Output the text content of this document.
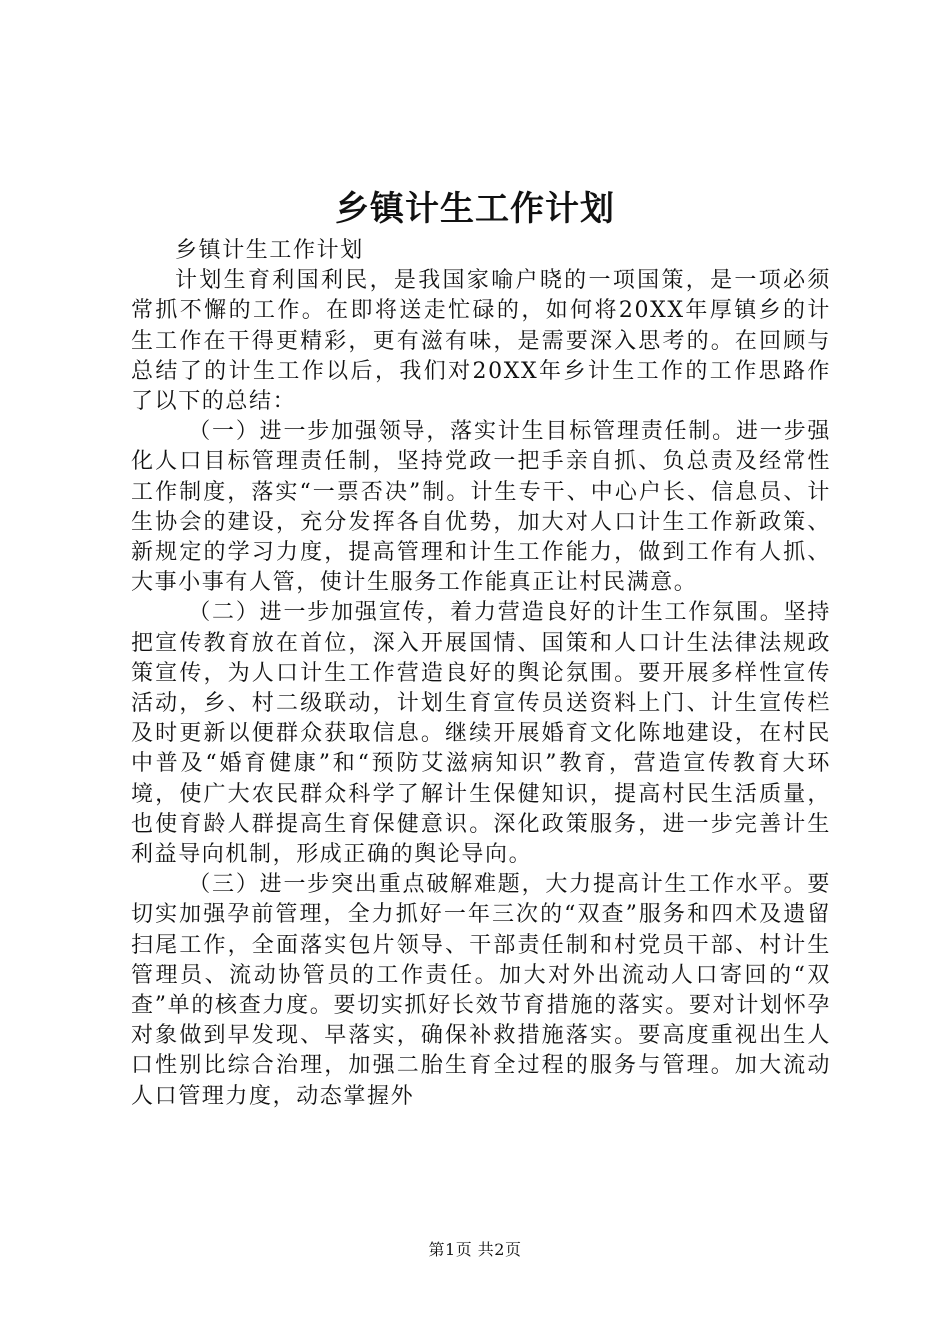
乡镇计生工作计划

乡镇计生工作计划

计划生育利国利民，是我国家喻户晓的一项国策，是一项必须常抓不懈的工作。在即将送走忙碌的，如何将20XX年厚镇乡的计生工作在干得更精彩，更有滋有味，是需要深入思考的。在回顾与总结了的计生工作以后，我们对20XX年乡计生工作的工作思路作了以下的总结：

（一）进一步加强领导，落实计生目标管理责任制。进一步强化人口目标管理责任制，坚持党政一把手亲自抓、负总责及经常性工作制度，落实“一票否决”制。计生专干、中心户长、信息员、计生协会的建设，充分发挥各自优势，加大对人口计生工作新政策、新规定的学习力度，提高管理和计生工作能力，做到工作有人抓、大事小事有人管，使计生服务工作能真正让村民满意。

（二）进一步加强宣传，着力营造良好的计生工作氛围。坚持把宣传教育放在首位，深入开展国情、国策和人口计生法律法规政策宣传，为人口计生工作营造良好的舆论氛围。要开展多样性宣传活动，乡、村二级联动，计划生育宣传员送资料上门、计生宣传栏及时更新以便群众获取信息。继续开展婚育文化陈地建设，在村民中普及“婚育健康”和“预防艾滋病知识”教育，营造宣传教育大环境，使广大农民群众科学了解计生保健知识，提高村民生活质量，也使育龄人群提高生育保健意识。深化政策服务，进一步完善计生利益导向机制，形成正确的舆论导向。

（三）进一步突出重点破解难题，大力提高计生工作水平。要切实加强孕前管理，全力抓好一年三次的“双查”服务和四术及遗留扫尾工作，全面落实包片领导、干部责任制和村党员干部、村计生管理员、流动协管员的工作责任。加大对外出流动人口寄回的“双查”单的核查力度。要切实抓好长效节育措施的落实。要对计划怀孕对象做到早发现、早落实，确保补救措施落实。要高度重视出生人口性别比综合治理，加强二胎生育全过程的服务与管理。加大流动人口管理力度，动态掌握外

第1页 共2页
